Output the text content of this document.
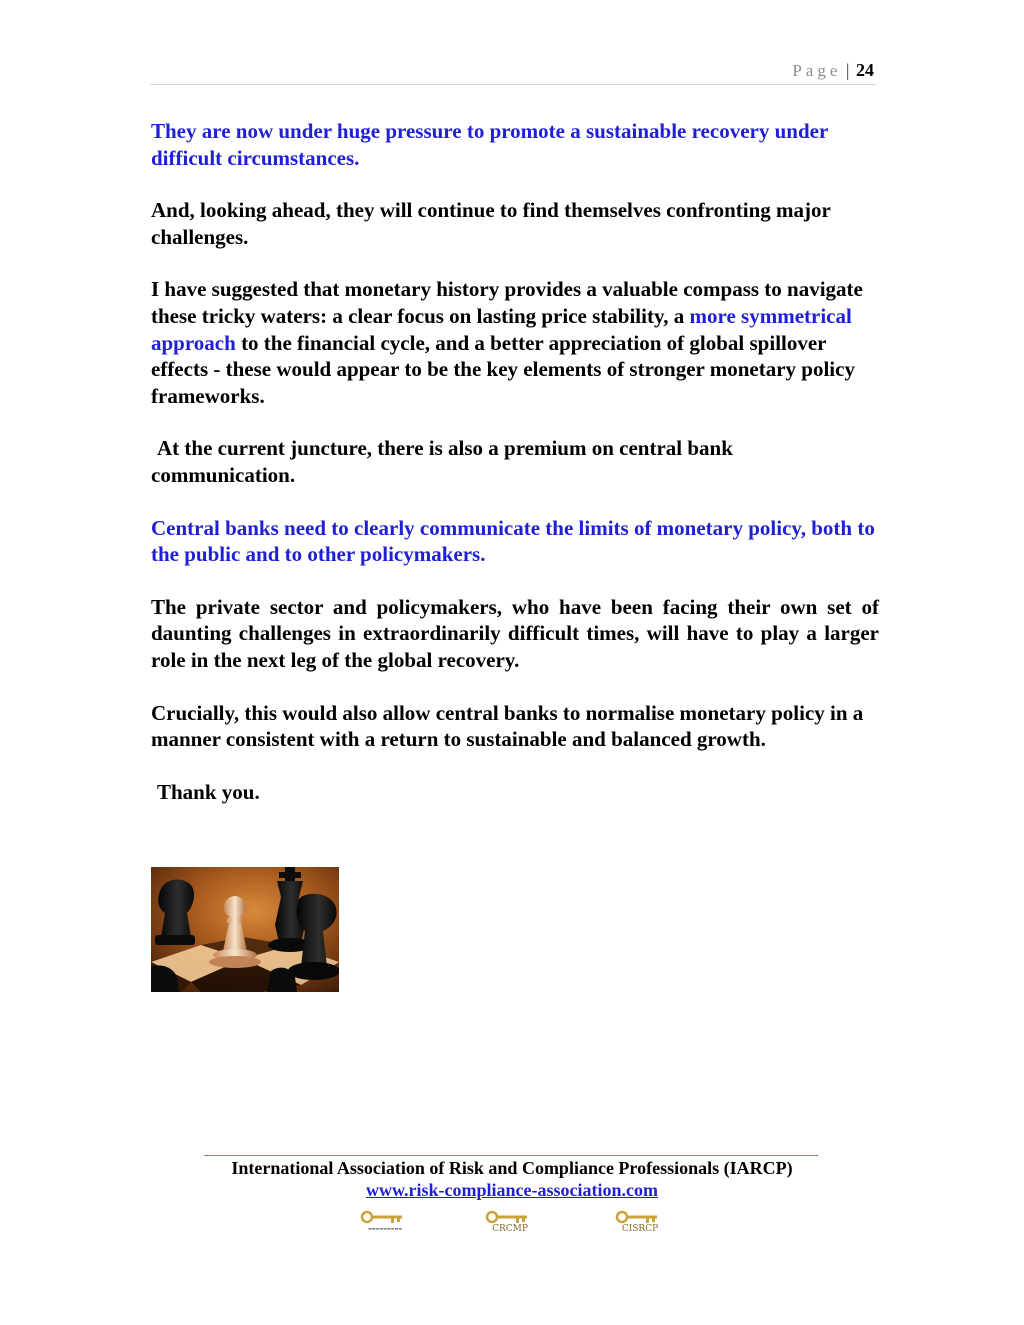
Page | 24

They are now under huge pressure to promote a sustainable recovery under difficult circumstances.

And, looking ahead, they will continue to find themselves confronting major challenges.

I have suggested that monetary history provides a valuable compass to navigate these tricky waters: a clear focus on lasting price stability, a more symmetrical approach to the financial cycle, and a better appreciation of global spillover effects - these would appear to be the key elements of stronger monetary policy frameworks.

At the current juncture, there is also a premium on central bank communication.

Central banks need to clearly communicate the limits of monetary policy, both to the public and to other policymakers.

The private sector and policymakers, who have been facing their own set of daunting challenges in extraordinarily difficult times, will have to play a larger role in the next leg of the global recovery.

Crucially, this would also allow central banks to normalise monetary policy in a manner consistent with a return to sustainable and balanced growth.

Thank you.

International Association of Risk and Compliance Professionals (IARCP)
www.risk-compliance-association.com
▬▬▬▬▬▬▬▬▬	CRCMP	CISRCP
